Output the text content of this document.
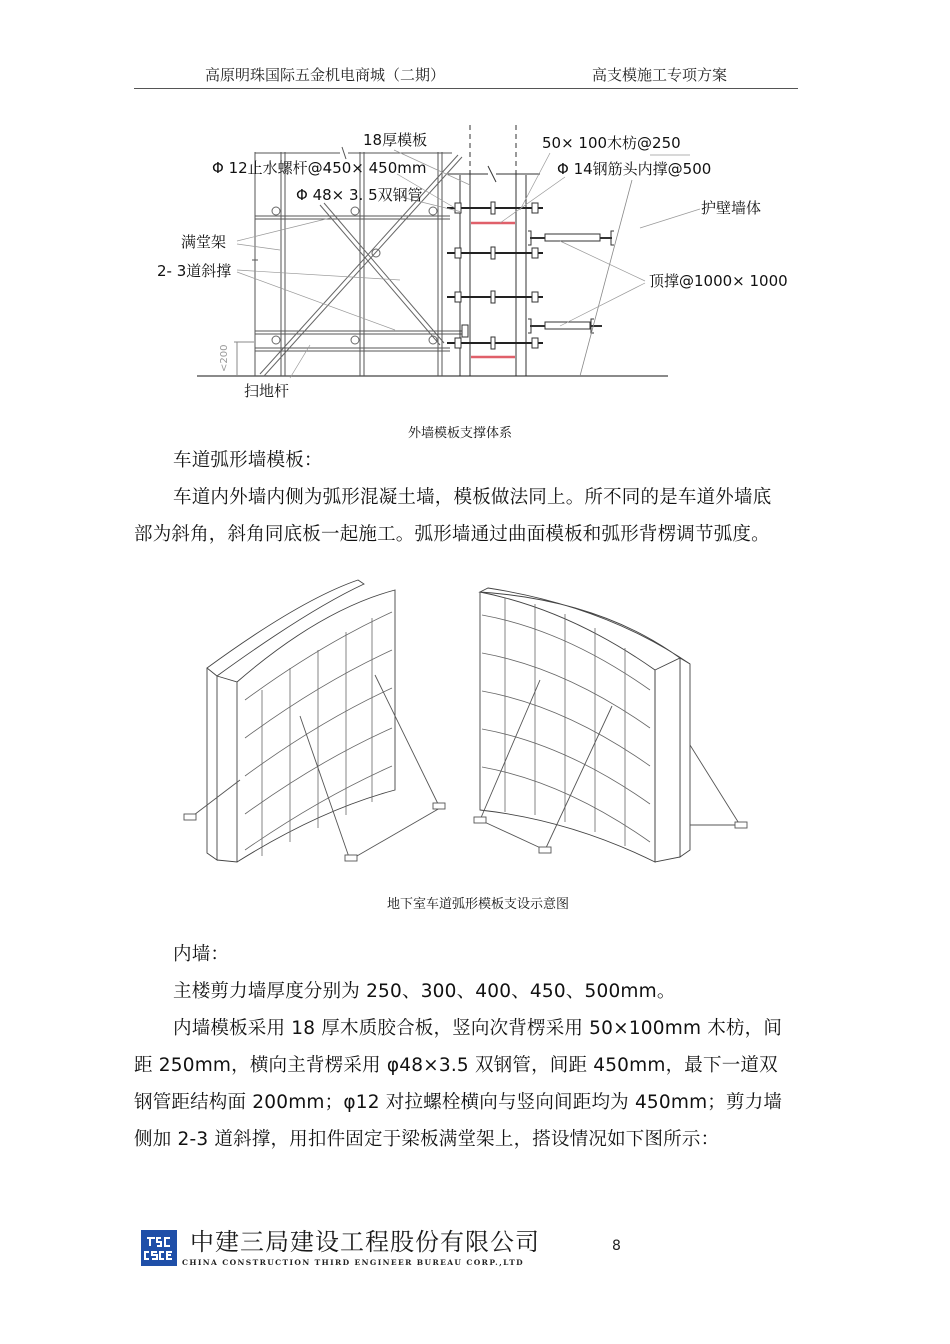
高原明珠国际五金机电商城（二期）	高支模施工专项方案
18厚模板
Φ 12止水螺杆@450× 450mm
Φ 48× 3. 5双钢管
满堂架
2- 3道斜撑
扫地杆
<200
50× 100木枋@250
Φ 14钢筋头内撑@500
护壁墙体
顶撑@1000× 1000
外墙模板支撑体系
车道弧形墙模板：
车道内外墙内侧为弧形混凝土墙，模板做法同上。所不同的是车道外墙底
部为斜角，斜角同底板一起施工。弧形墙通过曲面模板和弧形背楞调节弧度。
地下室车道弧形模板支设示意图
内墙：
主楼剪力墙厚度分别为 250、300、400、450、500mm。
内墙模板采用 18 厚木质胶合板，竖向次背楞采用 50×100mm 木枋，间
距 250mm，横向主背楞采用 φ48×3.5 双钢管，间距 450mm，最下一道双
钢管距结构面 200mm；φ12 对拉螺栓横向与竖向间距均为 450mm；剪力墙
侧加 2-3 道斜撑，用扣件固定于梁板满堂架上，搭设情况如下图所示：
中建三局建设工程股份有限公司
CHINA CONSTRUCTION THIRD ENGINEER BUREAU CORP.,LTD
8
